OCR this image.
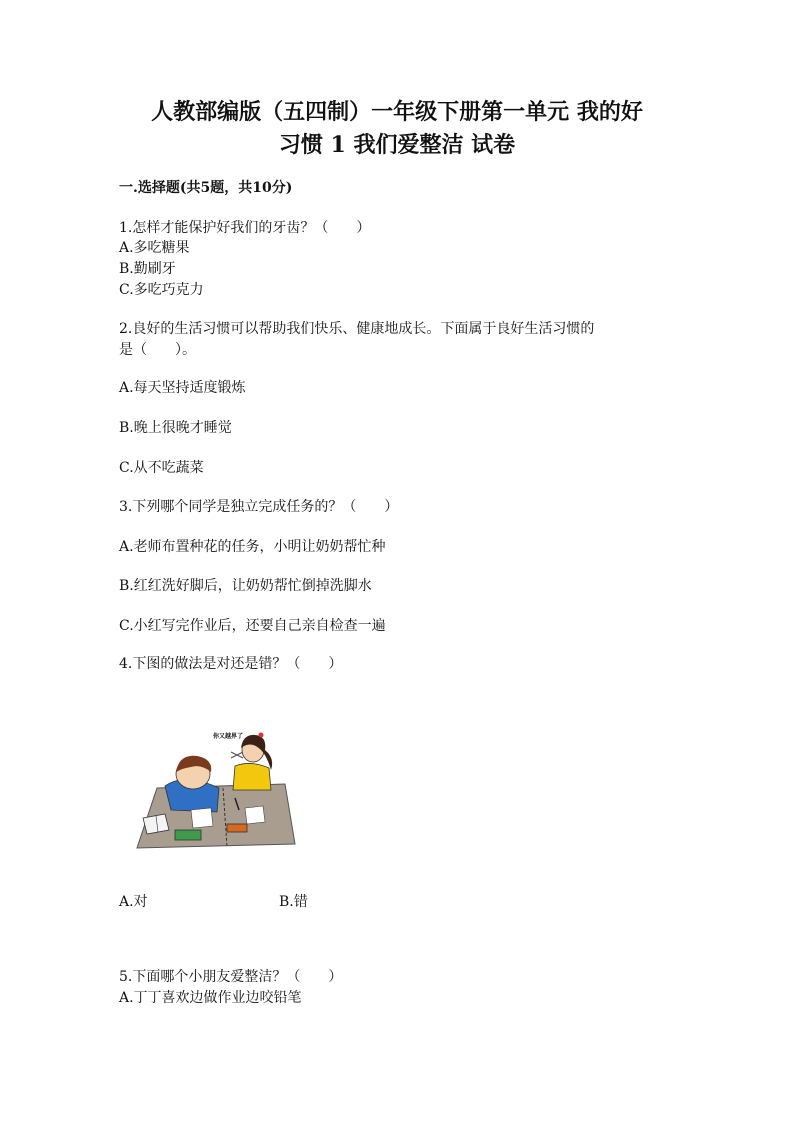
人教部编版（五四制）一年级下册第一单元 我的好
习惯 1 我们爱整洁 试卷
一.选择题(共5题，共10分)
1.怎样才能保护好我们的牙齿？（　　）
A.多吃糖果
B.勤刷牙
C.多吃巧克力
2.良好的生活习惯可以帮助我们快乐、健康地成长。下面属于良好生活习惯的
是（　　）。
A.每天坚持适度锻炼
B.晚上很晚才睡觉
C.从不吃蔬菜
3.下列哪个同学是独立完成任务的？（　　）
A.老师布置种花的任务，小明让奶奶帮忙种
B.红红洗好脚后，让奶奶帮忙倒掉洗脚水
C.小红写完作业后，还要自己亲自检查一遍
4.下图的做法是对还是错？（　　）
你又越界了
A.对	B.错
5.下面哪个小朋友爱整洁？（　　）
A.丁丁喜欢边做作业边咬铅笔
